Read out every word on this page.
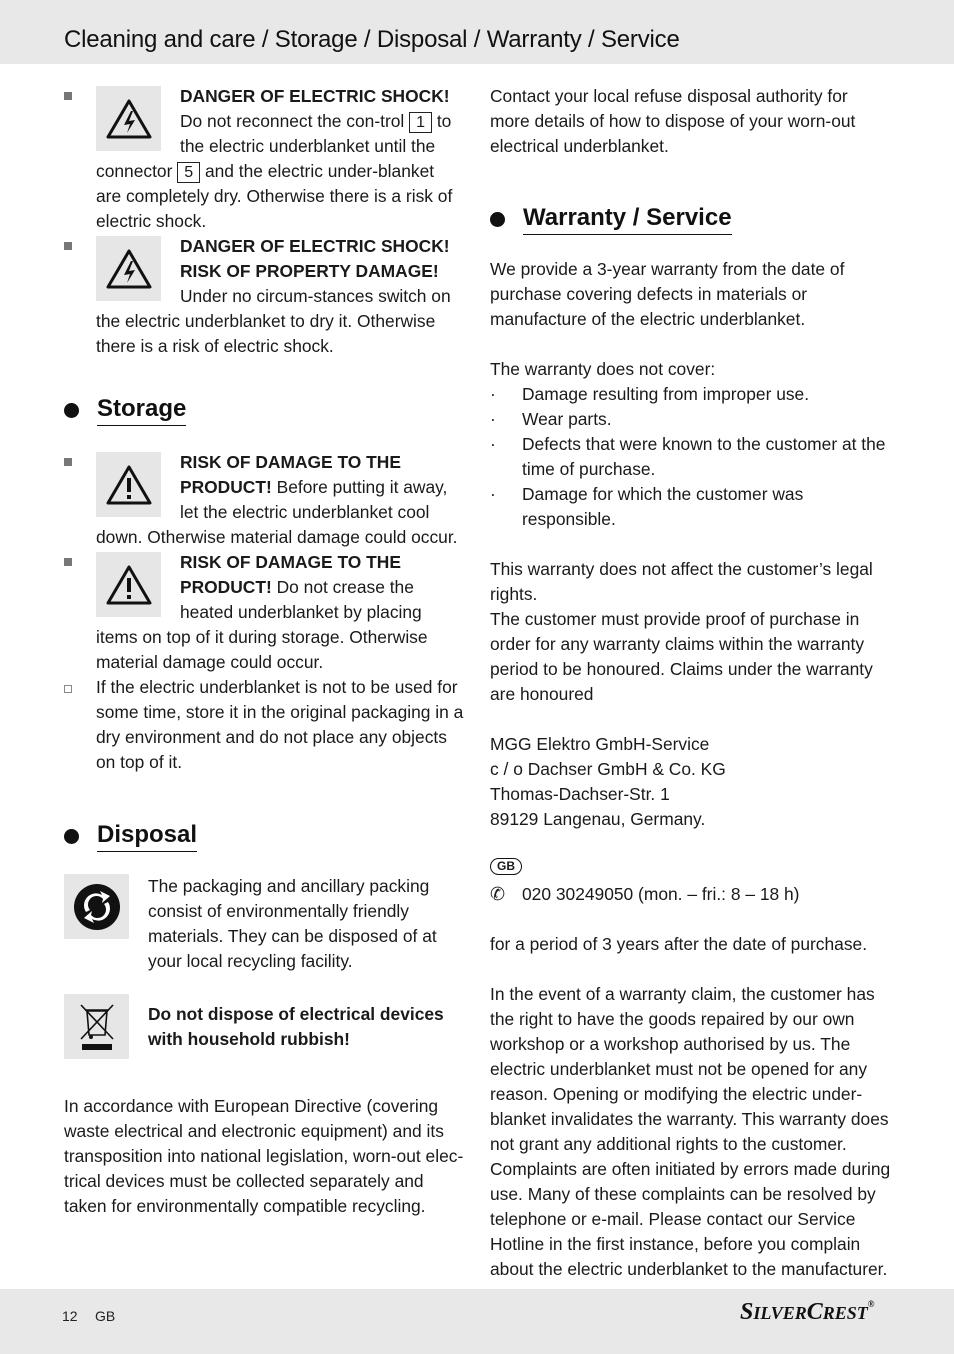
Cleaning and care / Storage / Disposal / Warranty / Service
DANGER OF ELECTRIC SHOCK! Do not reconnect the con-trol 1 to the electric underblanket until the connector 5 and the electric under-blanket are completely dry. Otherwise there is a risk of electric shock.
DANGER OF ELECTRIC SHOCK! RISK OF PROPERTY DAMAGE! Under no circum-stances switch on the electric underblanket to dry it. Otherwise there is a risk of electric shock.
Storage
RISK OF DAMAGE TO THE PRODUCT! Before putting it away, let the electric underblanket cool down. Otherwise material damage could occur.
RISK OF DAMAGE TO THE PRODUCT! Do not crease the heated underblanket by placing items on top of it during storage. Otherwise material damage could occur.
If the electric underblanket is not to be used for some time, store it in the original packaging in a dry environment and do not place any objects on top of it.
Disposal
The packaging and ancillary packing consist of environmentally friendly materials. They can be disposed of at your local recycling facility.
Do not dispose of electrical devices with household rubbish!
In accordance with European Directive (covering waste electrical and electronic equipment) and its transposition into national legislation, worn-out elec-trical devices must be collected separately and taken for environmentally compatible recycling.
Contact your local refuse disposal authority for more details of how to dispose of your worn-out electrical underblanket.
Warranty / Service
We provide a 3-year warranty from the date of purchase covering defects in materials or manufacture of the electric underblanket.
The warranty does not cover:
· Damage resulting from improper use.
· Wear parts.
· Defects that were known to the customer at the time of purchase.
· Damage for which the customer was responsible.
This warranty does not affect the customer’s legal rights.
The customer must provide proof of purchase in order for any warranty claims within the warranty period to be honoured. Claims under the warranty are honoured
MGG Elektro GmbH-Service
c / o Dachser GmbH & Co. KG
Thomas-Dachser-Str. 1
89129 Langenau, Germany.
GB
✆ 020 30249050 (mon. – fri.: 8 – 18 h)
for a period of 3 years after the date of purchase.
In the event of a warranty claim, the customer has the right to have the goods repaired by our own workshop or a workshop authorised by us. The electric underblanket must not be opened for any reason. Opening or modifying the electric under-blanket invalidates the warranty. This warranty does not grant any additional rights to the customer. Complaints are often initiated by errors made during use. Many of these complaints can be resolved by telephone or e-mail. Please contact our Service Hotline in the first instance, before you complain about the electric underblanket to the manufacturer.
12 GB	SILVERCREST®
